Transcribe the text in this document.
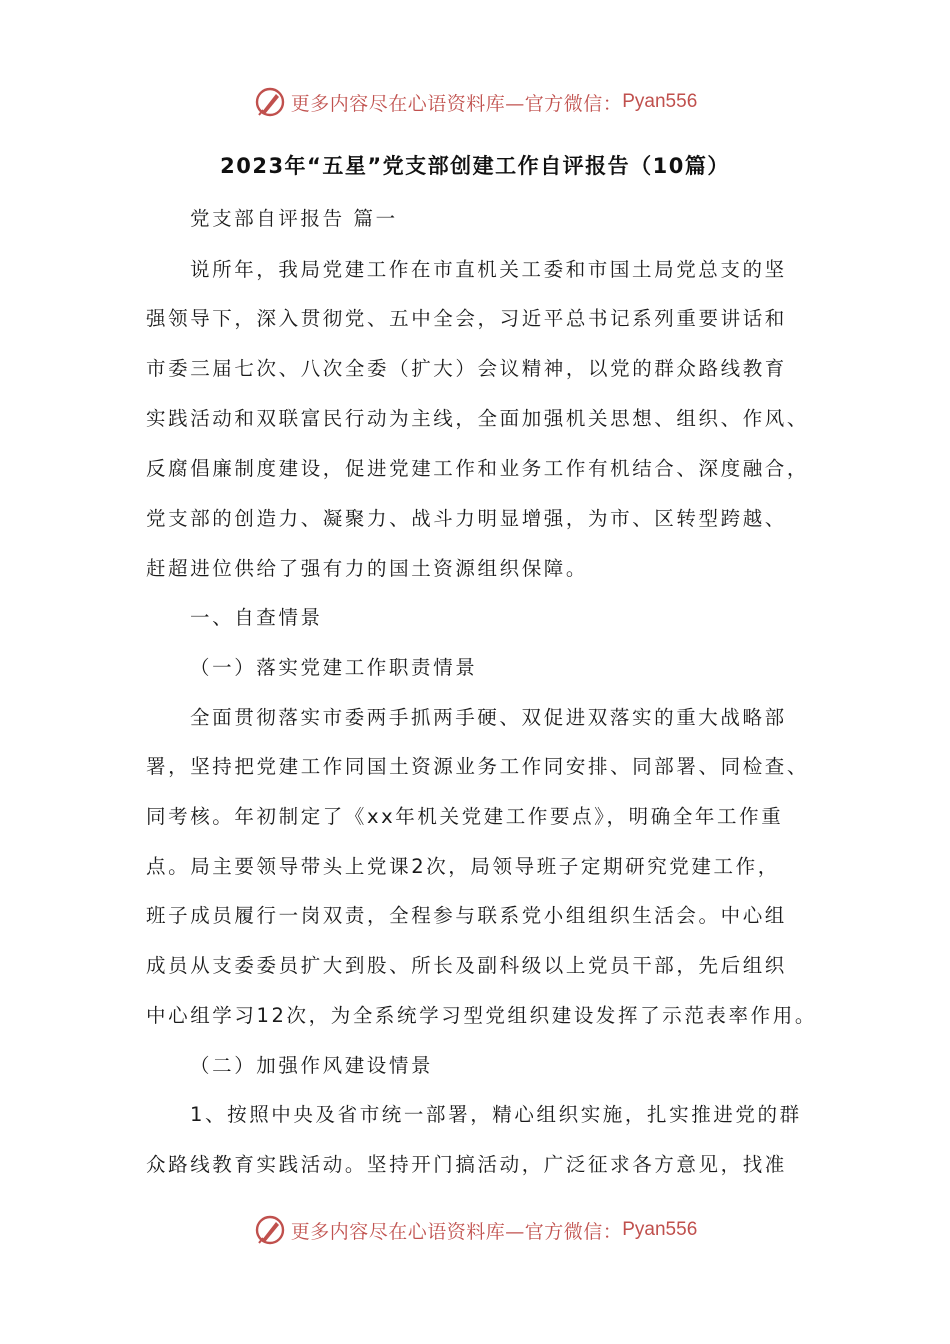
更多内容尽在心语资料库—官方微信： Pyan556
2023年“五星”党支部创建工作自评报告（10篇）
党支部自评报告 篇一
说所年，我局党建工作在市直机关工委和市国土局党总支的坚
强领导下，深入贯彻党、五中全会，习近平总书记系列重要讲话和
市委三届七次、八次全委（扩大）会议精神，以党的群众路线教育
实践活动和双联富民行动为主线，全面加强机关思想、组织、作风、
反腐倡廉制度建设，促进党建工作和业务工作有机结合、深度融合，
党支部的创造力、凝聚力、战斗力明显增强，为市、区转型跨越、
赶超进位供给了强有力的国土资源组织保障。
一、自查情景
（一）落实党建工作职责情景
全面贯彻落实市委两手抓两手硬、双促进双落实的重大战略部
署，坚持把党建工作同国土资源业务工作同安排、同部署、同检查、
同考核。年初制定了《xx年机关党建工作要点》，明确全年工作重
点。局主要领导带头上党课2次，局领导班子定期研究党建工作，
班子成员履行一岗双责，全程参与联系党小组组织生活会。中心组
成员从支委委员扩大到股、所长及副科级以上党员干部，先后组织
中心组学习12次，为全系统学习型党组织建设发挥了示范表率作用。
（二）加强作风建设情景
1、按照中央及省市统一部署，精心组织实施，扎实推进党的群
众路线教育实践活动。坚持开门搞活动，广泛征求各方意见，找准
更多内容尽在心语资料库—官方微信： Pyan556
